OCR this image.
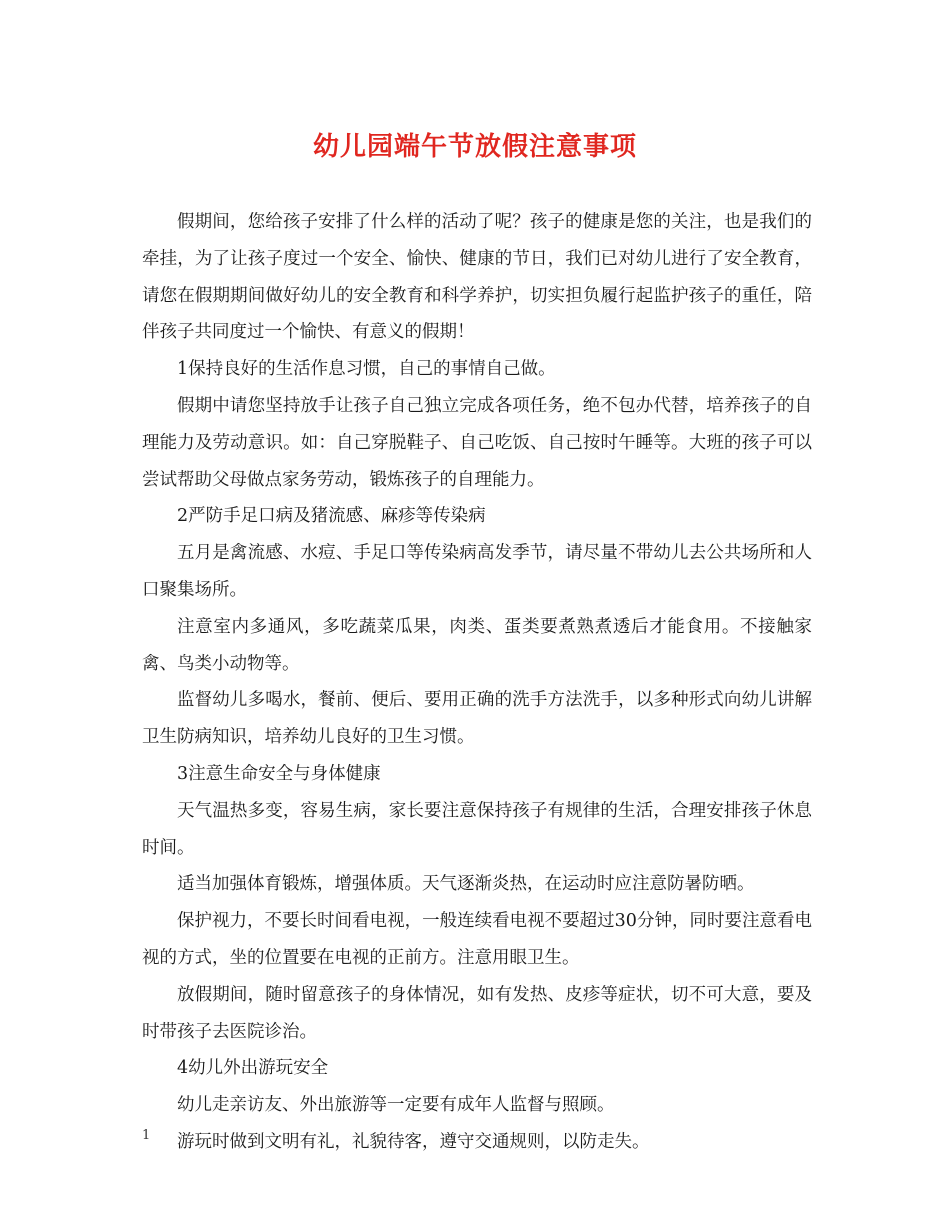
幼儿园端午节放假注意事项

假期间，您给孩子安排了什么样的活动了呢？孩子的健康是您的关注，也是我们的牵挂，为了让孩子度过一个安全、愉快、健康的节日，我们已对幼儿进行了安全教育，请您在假期期间做好幼儿的安全教育和科学养护，切实担负履行起监护孩子的重任，陪伴孩子共同度过一个愉快、有意义的假期！

1保持良好的生活作息习惯，自己的事情自己做。

假期中请您坚持放手让孩子自己独立完成各项任务，绝不包办代替，培养孩子的自理能力及劳动意识。如：自己穿脱鞋子、自己吃饭、自己按时午睡等。大班的孩子可以尝试帮助父母做点家务劳动，锻炼孩子的自理能力。

2严防手足口病及猪流感、麻疹等传染病

五月是禽流感、水痘、手足口等传染病高发季节，请尽量不带幼儿去公共场所和人口聚集场所。

注意室内多通风，多吃蔬菜瓜果，肉类、蛋类要煮熟煮透后才能食用。不接触家禽、鸟类小动物等。

监督幼儿多喝水，餐前、便后、要用正确的洗手方法洗手，以多种形式向幼儿讲解卫生防病知识，培养幼儿良好的卫生习惯。

3注意生命安全与身体健康

天气温热多变，容易生病，家长要注意保持孩子有规律的生活，合理安排孩子休息时间。

适当加强体育锻炼，增强体质。天气逐渐炎热，在运动时应注意防暑防晒。

保护视力，不要长时间看电视，一般连续看电视不要超过30分钟，同时要注意看电视的方式，坐的位置要在电视的正前方。注意用眼卫生。

放假期间，随时留意孩子的身体情况，如有发热、皮疹等症状，切不可大意，要及时带孩子去医院诊治。

4幼儿外出游玩安全

幼儿走亲访友、外出旅游等一定要有成年人监督与照顾。

游玩时做到文明有礼，礼貌待客，遵守交通规则，以防走失。

1
